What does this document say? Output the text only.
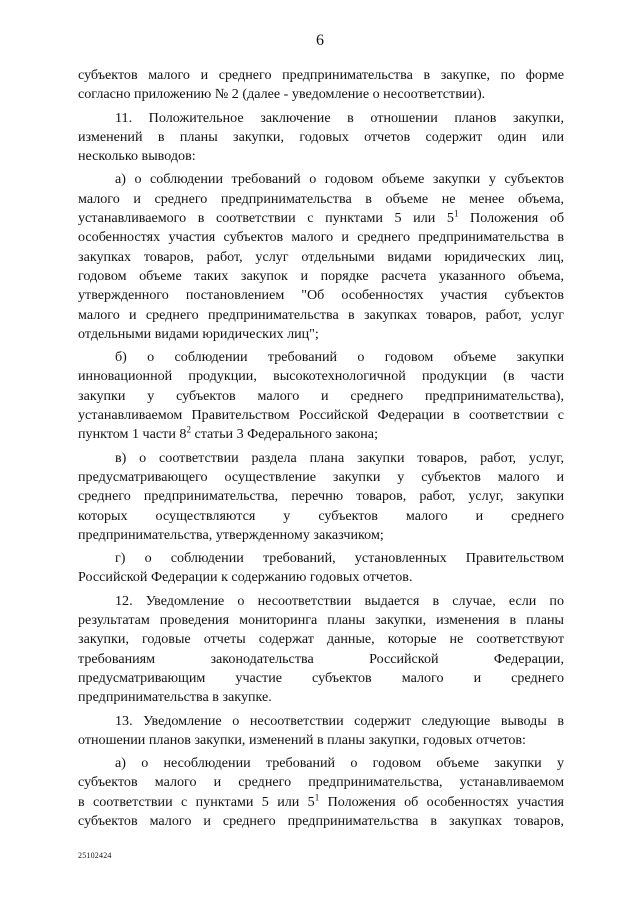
6
субъектов малого и среднего предпринимательства в закупке, по форме
согласно приложению № 2 (далее - уведомление о несоответствии).
11. Положительное заключение в отношении планов закупки,
изменений в планы закупки, годовых отчетов содержит один или
несколько выводов:
а) о соблюдении требований о годовом объеме закупки у субъектов
малого и среднего предпринимательства в объеме не менее объема,
устанавливаемого в соответствии с пунктами 5 или $5^1$ Положения об
особенностях участия субъектов малого и среднего предпринимательства в
закупках товаров, работ, услуг отдельными видами юридических лиц,
годовом объеме таких закупок и порядке расчета указанного объема,
утвержденного постановлением "Об особенностях участия субъектов
малого и среднего предпринимательства в закупках товаров, работ, услуг
отдельными видами юридических лиц";
б) о соблюдении требований о годовом объеме закупки
инновационной продукции, высокотехнологичной продукции (в части
закупки у субъектов малого и среднего предпринимательства),
устанавливаемом Правительством Российской Федерации в соответствии с
пунктом 1 части $8^2$ статьи 3 Федерального закона;
в) о соответствии раздела плана закупки товаров, работ, услуг,
предусматривающего осуществление закупки у субъектов малого и
среднего предпринимательства, перечню товаров, работ, услуг, закупки
которых осуществляются у субъектов малого и среднего
предпринимательства, утвержденному заказчиком;
г) о соблюдении требований, установленных Правительством
Российской Федерации к содержанию годовых отчетов.
12. Уведомление о несоответствии выдается в случае, если по
результатам проведения мониторинга планы закупки, изменения в планы
закупки, годовые отчеты содержат данные, которые не соответствуют
требованиям законодательства Российской Федерации,
предусматривающим участие субъектов малого и среднего
предпринимательства в закупке.
13. Уведомление о несоответствии содержит следующие выводы в
отношении планов закупки, изменений в планы закупки, годовых отчетов:
а) о несоблюдении требований о годовом объеме закупки у
субъектов малого и среднего предпринимательства, устанавливаемом
в соответствии с пунктами 5 или $5^1$ Положения об особенностях участия
субъектов малого и среднего предпринимательства в закупках товаров,
25102424
